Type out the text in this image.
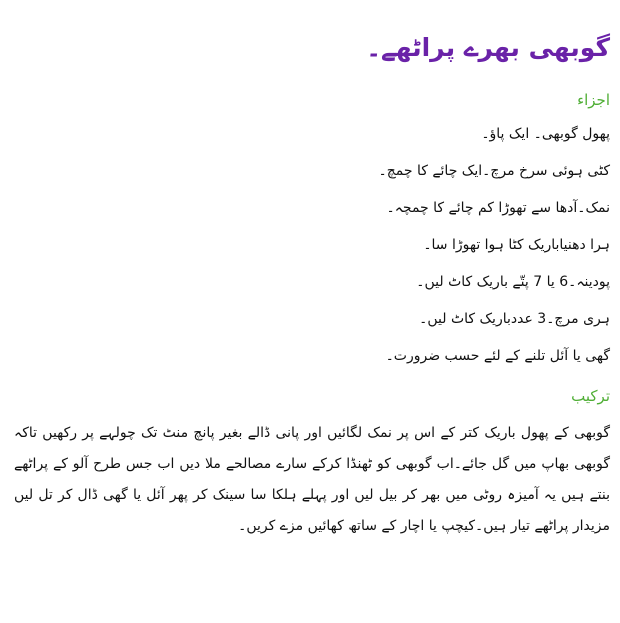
گوبھی بھرے پراٹھے۔
اجزاء
پھول گوبھی۔ ایک پاؤ۔
کٹی ہوئی سرخ مرچ۔ایک چائے کا چمچ۔
نمک۔آدھا سے تھوڑا کم چائے کا چمچہ۔
ہرا دھنیاباریک کٹا ہوا تھوڑا سا۔
پودینہ۔6 یا 7 پتّے باریک کاٹ لیں۔
ہری مرچ۔3 عددباریک کاٹ لیں۔
گھی یا آئل تلنے کے لئے حسب ضرورت۔
ترکیب

گوبھی کے پھول باریک کتر کے اس پر نمک لگائیں اور پانی ڈالے بغیر پانچ منٹ تک چولہے پر رکھیں تاکہ گوبھی بھاپ میں گل جائے۔اب گوبھی کو ٹھنڈا کرکے سارے مصالحے ملا دیں اب جس طرح آلو کے پراٹھے بنتے ہیں یہ آمیزہ روٹی میں بھر کر بیل لیں اور پہلے ہلکا سا سینک کر پھر آئل یا گھی ڈال کر تل لیں مزیدار پراٹھے تیار ہیں۔کیچپ یا اچار کے ساتھ کھائیں مزے کریں۔
